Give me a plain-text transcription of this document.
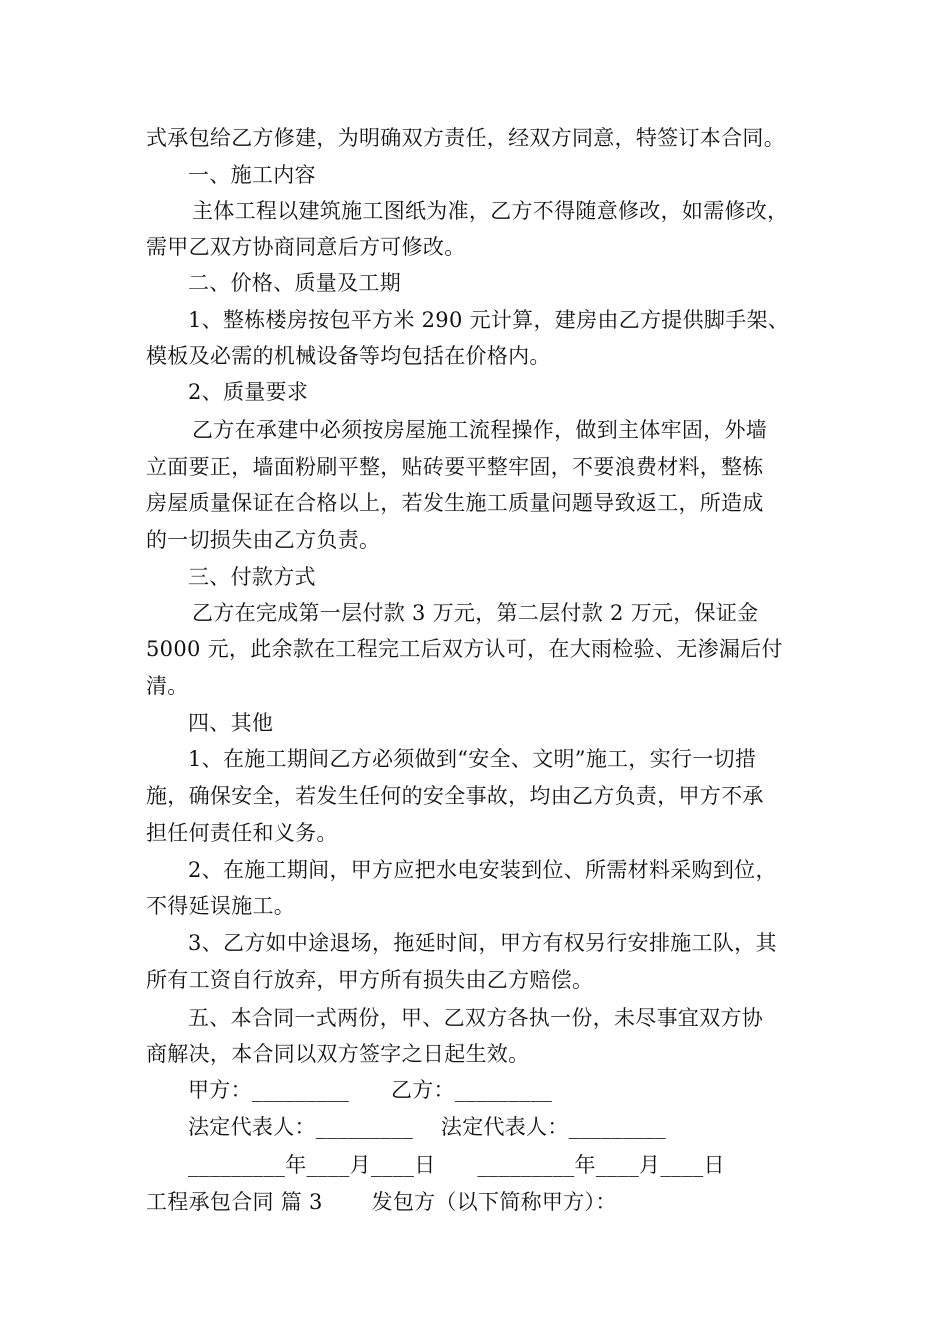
式承包给乙方修建，为明确双方责任，经双方同意，特签订本合同。
一、施工内容
主体工程以建筑施工图纸为准，乙方不得随意修改，如需修改，
需甲乙双方协商同意后方可修改。
二、价格、质量及工期
1、整栋楼房按包平方米 290 元计算，建房由乙方提供脚手架、
模板及必需的机械设备等均包括在价格内。
2、质量要求
乙方在承建中必须按房屋施工流程操作，做到主体牢固，外墙
立面要正，墙面粉刷平整，贴砖要平整牢固，不要浪费材料，整栋
房屋质量保证在合格以上，若发生施工质量问题导致返工，所造成
的一切损失由乙方负责。
三、付款方式
乙方在完成第一层付款 3 万元，第二层付款 2 万元，保证金
5000 元，此余款在工程完工后双方认可，在大雨检验、无渗漏后付
清。
四、其他
1、在施工期间乙方必须做到“安全、文明”施工，实行一切措
施，确保安全，若发生任何的安全事故，均由乙方负责，甲方不承
担任何责任和义务。
2、在施工期间，甲方应把水电安装到位、所需材料采购到位，
不得延误施工。
3、乙方如中途退场，拖延时间，甲方有权另行安排施工队，其
所有工资自行放弃，甲方所有损失由乙方赔偿。
五、本合同一式两份，甲、乙双方各执一份，未尽事宜双方协
商解决，本合同以双方签字之日起生效。
甲方：_________      乙方：_________
法定代表人：_________    法定代表人：_________
_________年____月____日      _________年____月____日
工程承包合同 篇 3       发包方（以下简称甲方）：
